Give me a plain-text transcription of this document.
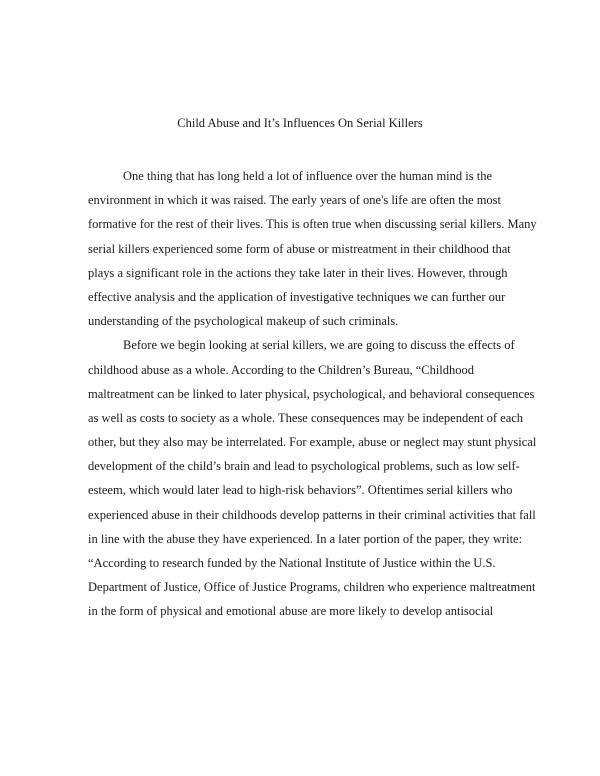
Child Abuse and It’s Influences On Serial Killers
One thing that has long held a lot of influence over the human mind is the
environment in which it was raised. The early years of one's life are often the most
formative for the rest of their lives. This is often true when discussing serial killers. Many
serial killers experienced some form of abuse or mistreatment in their childhood that
plays a significant role in the actions they take later in their lives. However, through
effective analysis and the application of investigative techniques we can further our
understanding of the psychological makeup of such criminals.
Before we begin looking at serial killers, we are going to discuss the effects of
childhood abuse as a whole. According to the Children’s Bureau, “Childhood
maltreatment can be linked to later physical, psychological, and behavioral consequences
as well as costs to society as a whole. These consequences may be independent of each
other, but they also may be interrelated. For example, abuse or neglect may stunt physical
development of the child’s brain and lead to psychological problems, such as low self-
esteem, which would later lead to high-risk behaviors”. Oftentimes serial killers who
experienced abuse in their childhoods develop patterns in their criminal activities that fall
in line with the abuse they have experienced. In a later portion of the paper, they write:
“According to research funded by the National Institute of Justice within the U.S.
Department of Justice, Office of Justice Programs, children who experience maltreatment
in the form of physical and emotional abuse are more likely to develop antisocial
